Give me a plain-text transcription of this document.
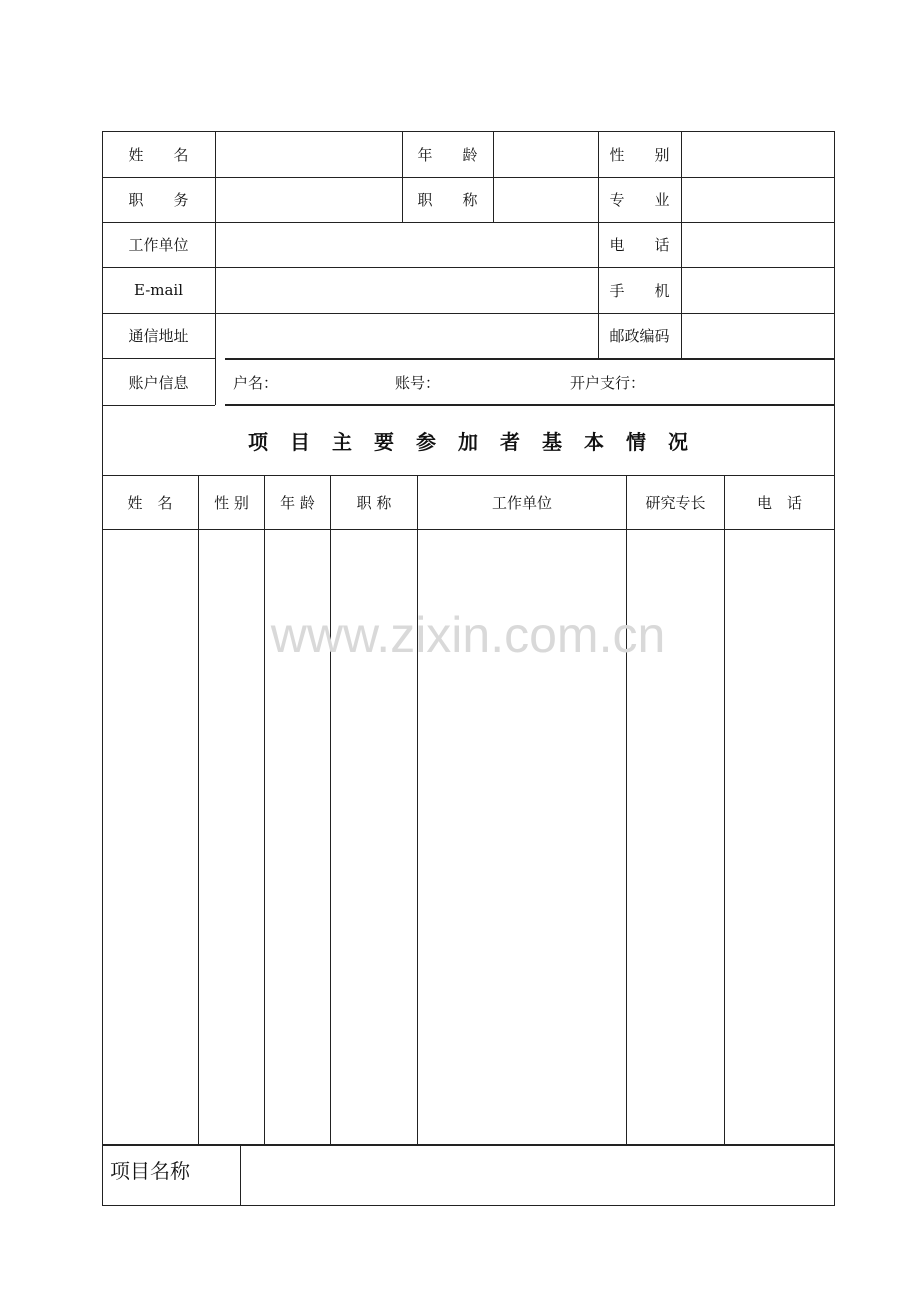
姓　　名	年　　龄	性　　别
职　　务	职　　称	专　　业
工作单位	电　　话
E-mail	手　　机
通信地址	邮政编码
账户信息	户名：	账号：	开户支行：
项目主要参加者基本情况
姓　名	性 别	年 龄	职 称	工作单位	研究专长	电　话
www.zixin.com.cn
项目名称
